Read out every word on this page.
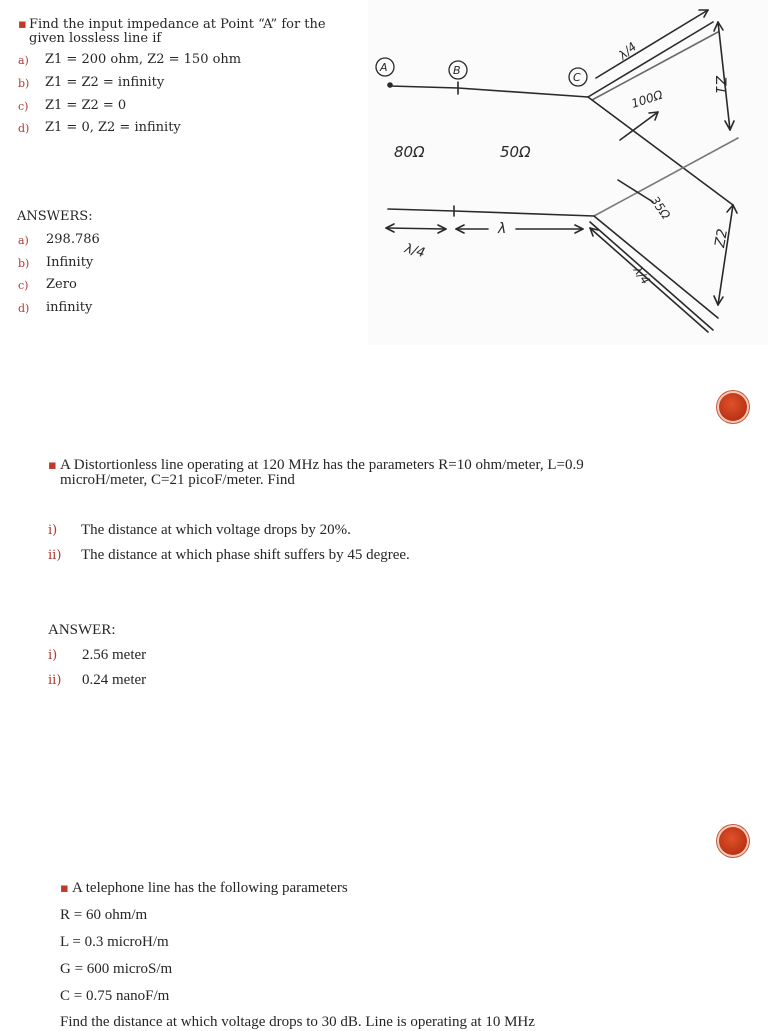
▪ Find the input impedance at Point “A” for the
given lossless line if
a) Z1 = 200 ohm, Z2 = 150 ohm
b) Z1 = Z2 = infinity
c) Z1 = Z2 = 0
d) Z1 = 0, Z2 = infinity
ANSWERS:
a) 298.786
b) Infinity
c) Zero
d) infinity
A	B
C
80Ω	50Ω
100Ω
35Ω
λ/4
λ
λ/4
λ/4
Z1
Z2
▪ A Distortionless line operating at 120 MHz has the parameters R=10 ohm/meter, L=0.9
microH/meter, C=21 picoF/meter. Find
i) The distance at which voltage drops by 20%.
ii) The distance at which phase shift suffers by 45 degree.
ANSWER:
i) 2.56 meter
ii) 0.24 meter
▪ A telephone line has the following parameters
R = 60 ohm/m
L = 0.3 microH/m
G = 600 microS/m
C = 0.75 nanoF/m
Find the distance at which voltage drops to 30 dB. Line is operating at 10 MHz
